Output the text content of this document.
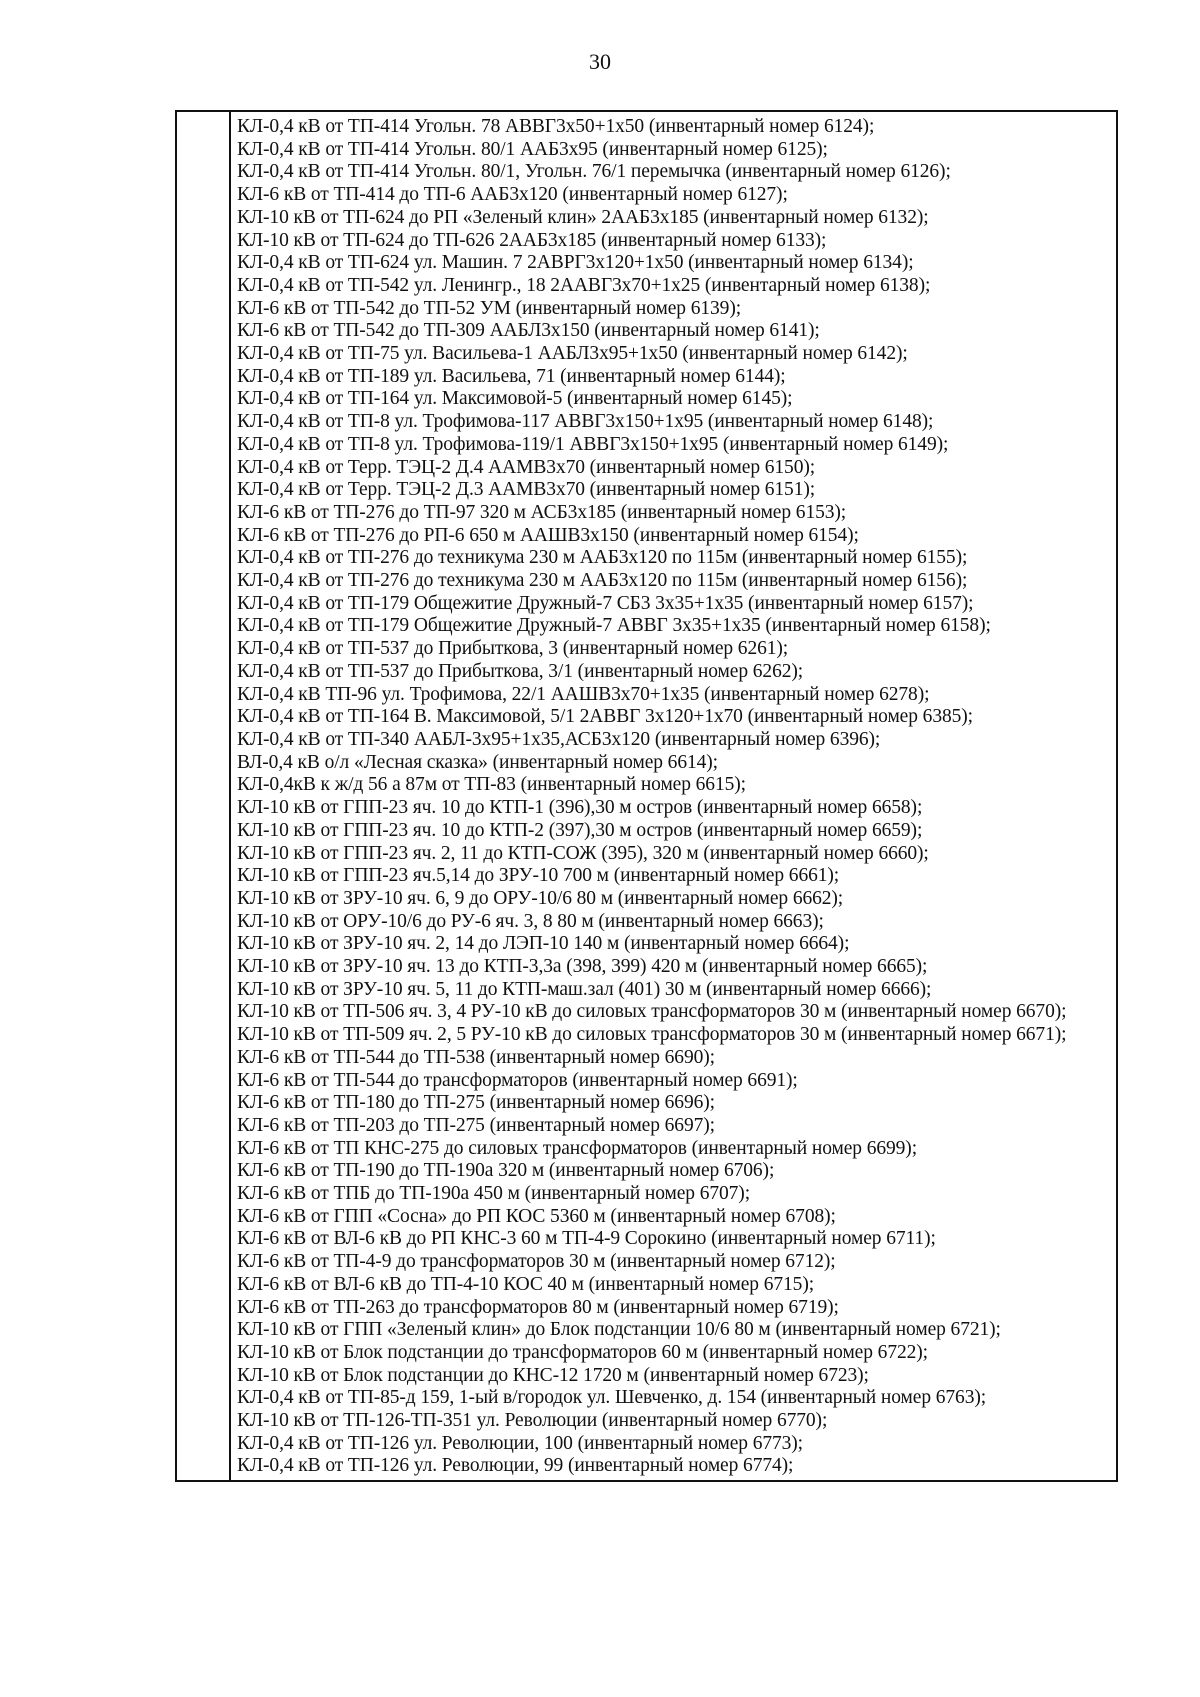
30
КЛ-0,4 кВ от ТП-414 Угольн. 78 АВВГ3х50+1х50 (инвентарный номер 6124);
КЛ-0,4 кВ от ТП-414 Угольн. 80/1 ААБ3х95 (инвентарный номер 6125);
КЛ-0,4 кВ от ТП-414 Угольн. 80/1, Угольн. 76/1 перемычка (инвентарный номер 6126);
КЛ-6 кВ от ТП-414 до ТП-6 ААБ3х120 (инвентарный номер 6127);
КЛ-10 кВ от ТП-624 до РП «Зеленый клин» 2ААБ3х185 (инвентарный номер 6132);
КЛ-10 кВ от ТП-624 до ТП-626 2ААБ3х185 (инвентарный номер 6133);
КЛ-0,4 кВ от ТП-624 ул. Машин. 7 2АВРГ3х120+1х50 (инвентарный номер 6134);
КЛ-0,4 кВ от ТП-542 ул. Ленингр., 18 2ААВГ3х70+1х25 (инвентарный номер 6138);
КЛ-6 кВ от ТП-542 до ТП-52 УМ (инвентарный номер 6139);
КЛ-6 кВ от ТП-542 до ТП-309 ААБЛ3х150 (инвентарный номер 6141);
КЛ-0,4 кВ от ТП-75 ул. Васильева-1 ААБЛ3х95+1х50 (инвентарный номер 6142);
КЛ-0,4 кВ от ТП-189 ул. Васильева, 71 (инвентарный номер 6144);
КЛ-0,4 кВ от ТП-164 ул. Максимовой-5 (инвентарный номер 6145);
КЛ-0,4 кВ от ТП-8 ул. Трофимова-117 АВВГ3х150+1х95 (инвентарный номер 6148);
КЛ-0,4 кВ от ТП-8 ул. Трофимова-119/1 АВВГ3х150+1х95 (инвентарный номер 6149);
КЛ-0,4 кВ от Терр. ТЭЦ-2 Д.4 ААМВ3х70 (инвентарный номер 6150);
КЛ-0,4 кВ от Терр. ТЭЦ-2 Д.3 ААМВ3х70 (инвентарный номер 6151);
КЛ-6 кВ от ТП-276 до ТП-97 320 м АСБ3х185 (инвентарный номер 6153);
КЛ-6 кВ от ТП-276 до РП-6 650 м ААШВ3х150 (инвентарный номер 6154);
КЛ-0,4 кВ от ТП-276 до техникума 230 м ААБ3х120 по 115м (инвентарный номер 6155);
КЛ-0,4 кВ от ТП-276 до техникума 230 м ААБ3х120 по 115м (инвентарный номер 6156);
КЛ-0,4 кВ от ТП-179 Общежитие Дружный-7 СБ3 3х35+1х35 (инвентарный номер 6157);
КЛ-0,4 кВ от ТП-179 Общежитие Дружный-7 АВВГ 3х35+1х35 (инвентарный номер 6158);
КЛ-0,4 кВ от ТП-537 до Прибыткова, 3 (инвентарный номер 6261);
КЛ-0,4 кВ от ТП-537 до Прибыткова, 3/1 (инвентарный номер 6262);
КЛ-0,4 кВ ТП-96 ул. Трофимова, 22/1 ААШВ3х70+1х35 (инвентарный номер 6278);
КЛ-0,4 кВ от ТП-164 В. Максимовой, 5/1 2АВВГ 3х120+1х70 (инвентарный номер 6385);
КЛ-0,4 кВ от ТП-340 ААБЛ-3х95+1х35,АСБ3х120 (инвентарный номер 6396);
ВЛ-0,4 кВ о/л «Лесная сказка» (инвентарный номер 6614);
КЛ-0,4кВ к ж/д 56 а 87м от ТП-83 (инвентарный номер 6615);
КЛ-10 кВ от ГПП-23 яч. 10 до КТП-1 (396),30 м остров (инвентарный номер 6658);
КЛ-10 кВ от ГПП-23 яч. 10 до КТП-2 (397),30 м остров (инвентарный номер 6659);
КЛ-10 кВ от ГПП-23 яч. 2, 11 до КТП-СОЖ (395), 320 м (инвентарный номер 6660);
КЛ-10 кВ от ГПП-23 яч.5,14 до ЗРУ-10 700 м (инвентарный номер 6661);
КЛ-10 кВ от ЗРУ-10 яч. 6, 9 до ОРУ-10/6 80 м (инвентарный номер 6662);
КЛ-10 кВ от ОРУ-10/6 до РУ-6 яч. 3, 8 80 м (инвентарный номер 6663);
КЛ-10 кВ от ЗРУ-10 яч. 2, 14 до ЛЭП-10 140 м (инвентарный номер 6664);
КЛ-10 кВ от ЗРУ-10 яч. 13 до КТП-3,3а (398, 399) 420 м (инвентарный номер 6665);
КЛ-10 кВ от ЗРУ-10 яч. 5, 11 до КТП-маш.зал (401) 30 м (инвентарный номер 6666);
КЛ-10 кВ от ТП-506 яч. 3, 4 РУ-10 кВ до силовых трансформаторов 30 м (инвентарный номер 6670);
КЛ-10 кВ от ТП-509 яч. 2, 5 РУ-10 кВ до силовых трансформаторов 30 м (инвентарный номер 6671);
КЛ-6 кВ от ТП-544 до ТП-538 (инвентарный номер 6690);
КЛ-6 кВ от ТП-544 до трансформаторов (инвентарный номер 6691);
КЛ-6 кВ от ТП-180 до ТП-275 (инвентарный номер 6696);
КЛ-6 кВ от ТП-203 до ТП-275 (инвентарный номер 6697);
КЛ-6 кВ от ТП КНС-275 до силовых трансформаторов (инвентарный номер 6699);
КЛ-6 кВ от ТП-190 до ТП-190а 320 м (инвентарный номер 6706);
КЛ-6 кВ от ТПБ до ТП-190а 450 м (инвентарный номер 6707);
КЛ-6 кВ от ГПП «Сосна» до РП КОС 5360 м (инвентарный номер 6708);
КЛ-6 кВ от ВЛ-6 кВ до РП КНС-3 60 м ТП-4-9 Сорокино (инвентарный номер 6711);
КЛ-6 кВ от ТП-4-9 до трансформаторов 30 м (инвентарный номер 6712);
КЛ-6 кВ от ВЛ-6 кВ до ТП-4-10 КОС 40 м (инвентарный номер 6715);
КЛ-6 кВ от ТП-263 до трансформаторов 80 м (инвентарный номер 6719);
КЛ-10 кВ от ГПП «Зеленый клин» до Блок подстанции 10/6 80 м (инвентарный номер 6721);
КЛ-10 кВ от Блок подстанции до трансформаторов 60 м (инвентарный номер 6722);
КЛ-10 кВ от Блок подстанции до КНС-12 1720 м (инвентарный номер 6723);
КЛ-0,4 кВ от ТП-85-д 159, 1-ый в/городок ул. Шевченко, д. 154 (инвентарный номер 6763);
КЛ-10 кВ от ТП-126-ТП-351 ул. Революции (инвентарный номер 6770);
КЛ-0,4 кВ от ТП-126 ул. Революции, 100 (инвентарный номер 6773);
КЛ-0,4 кВ от ТП-126 ул. Революции, 99 (инвентарный номер 6774);
